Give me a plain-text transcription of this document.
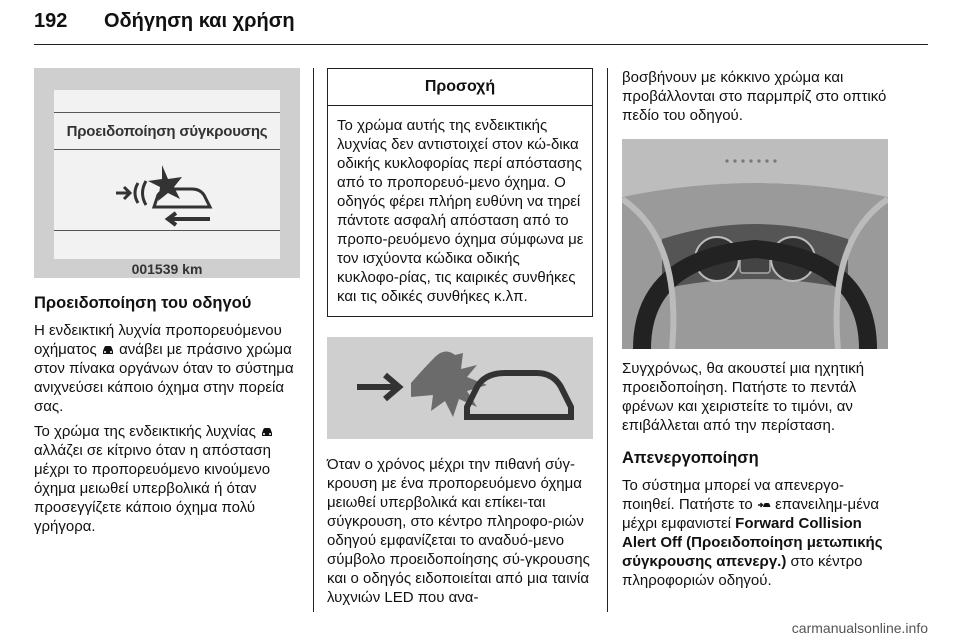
192 Οδήγηση και χρήση
Προειδοποίηση σύγκρουσης
001539 km
Προειδοποίηση του οδηγού

Η ενδεικτική λυχνία προπορευόμενου οχήματος ανάβει με πράσινο χρώμα στον πίνακα οργάνων όταν το σύστημα ανιχνεύσει κάποιο όχημα στην πορεία σας.

Το χρώμα της ενδεικτικής λυχνίας  αλλάζει σε κίτρινο όταν η απόσταση μέχρι το προπορευόμενο κινούμενο όχημα μειωθεί υπερβολικά ή όταν προσεγγίζετε κάποιο όχημα πολύ γρήγορα.

Προσοχή
Το χρώμα αυτής της ενδεικτικής λυχνίας δεν αντιστοιχεί στον κώ-δικα οδικής κυκλοφορίας περί απόστασης από το προπορευό-μενο όχημα. Ο οδηγός φέρει πλήρη ευθύνη να τηρεί πάντοτε ασφαλή απόσταση από το προπο-ρευόμενο όχημα σύμφωνα με τον ισχύοντα κώδικα οδικής κυκλοφο-ρίας, τις καιρικές συνθήκες και τις οδικές συνθήκες κ.λπ.

Όταν ο χρόνος μέχρι την πιθανή σύγ-κρουση με ένα προπορευόμενο όχημα μειωθεί υπερβολικά και επίκει-ται σύγκρουση, στο κέντρο πληροφο-ριών οδηγού εμφανίζεται το αναδυό-μενο σύμβολο προειδοποίησης σύ-γκρουσης και ο οδηγός ειδοποιείται από μια ταινία λυχνιών LED που ανα-

βοσβήνουν με κόκκινο χρώμα και προβάλλονται στο παρμπρίζ στο οπτικό πεδίο του οδηγού.

Συγχρόνως, θα ακουστεί μια ηχητική προειδοποίηση. Πατήστε το πεντάλ φρένων και χειριστείτε το τιμόνι, αν επιβάλλεται από την περίσταση.

Απενεργοποίηση

Το σύστημα μπορεί να απενεργο-ποιηθεί. Πατήστε το επανειλημ-μένα μέχρι εμφανιστεί Forward Collision Alert Off (Προειδοποίηση μετωπικής σύγκρουσης απενεργ.) στο κέντρο πληροφοριών οδηγού.

carmanualsonline.info
